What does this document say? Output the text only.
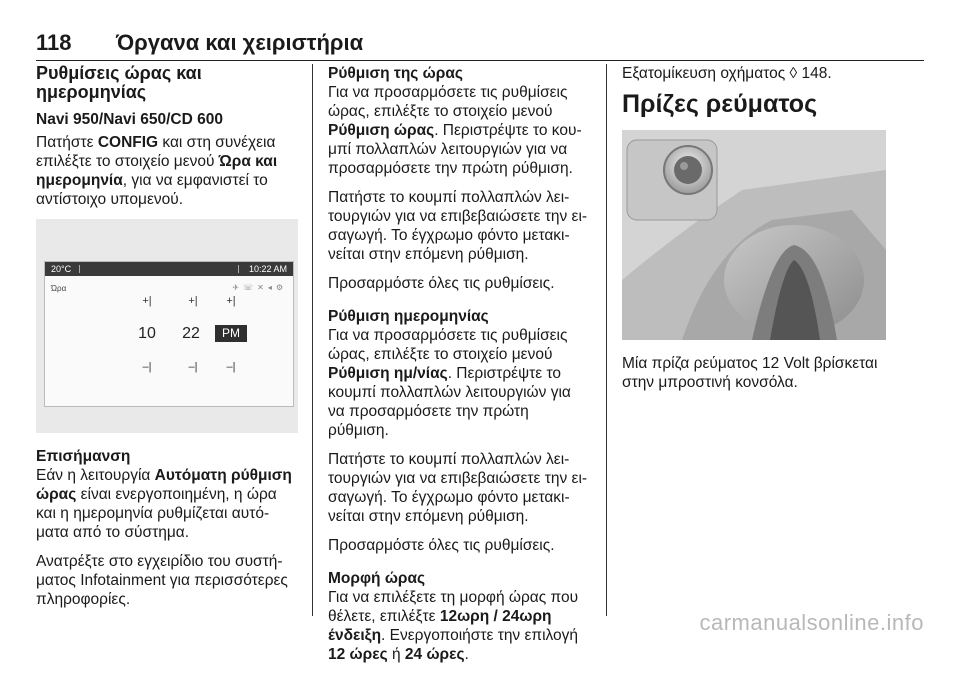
118 Όργανα και χειριστήρια
Ρυθμίσεις ώρας και ημερομηνίας
Navi 950/Navi 650/CD 600

Πατήστε CONFIG και στη συνέχεια επιλέξτε το στοιχείο μενού Ώρα και ημερομηνία, για να εμφανιστεί το αντίστοιχο υπομενού.

20°C	10:22 AM
Ώρα	✈☏✕◂⚙
+|	+|	+|
10	22	PM
–|	–|	–|
Επισήμανση

Εάν η λειτουργία Αυτόματη ρύθμιση ώρας είναι ενεργοποιημένη, η ώρα και η ημερομηνία ρυθμίζεται αυτόματα από το σύστημα.

Ανατρέξτε στο εγχειρίδιο του συστήματος Infotainment για περισσότερες πληροφορίες.

Ρύθμιση της ώρας

Για να προσαρμόσετε τις ρυθμίσεις ώρας, επιλέξτε το στοιχείο μενού Ρύθμιση ώρας. Περιστρέψτε το κουμπί πολλαπλών λειτουργιών για να προσαρμόσετε την πρώτη ρύθμιση.

Πατήστε το κουμπί πολλαπλών λειτουργιών για να επιβεβαιώσετε την εισαγωγή. Το έγχρωμο φόντο μετακινείται στην επόμενη ρύθμιση.

Προσαρμόστε όλες τις ρυθμίσεις.

Ρύθμιση ημερομηνίας

Για να προσαρμόσετε τις ρυθμίσεις ώρας, επιλέξτε το στοιχείο μενού Ρύθμιση ημ/νίας. Περιστρέψτε το κουμπί πολλαπλών λειτουργιών για να προσαρμόσετε την πρώτη ρύθμιση.

Πατήστε το κουμπί πολλαπλών λειτουργιών για να επιβεβαιώσετε την εισαγωγή. Το έγχρωμο φόντο μετακινείται στην επόμενη ρύθμιση.

Προσαρμόστε όλες τις ρυθμίσεις.

Μορφή ώρας

Για να επιλέξετε τη μορφή ώρας που θέλετε, επιλέξτε 12ωρη / 24ωρη ένδειξη. Ενεργοποιήστε την επιλογή 12 ώρες ή 24 ώρες.

Εξατομίκευση οχήματος ◊ 148.

Πρίζες ρεύματος

Μία πρίζα ρεύματος 12 Volt βρίσκεται στην μπροστινή κονσόλα.

carmanualsonline.info
